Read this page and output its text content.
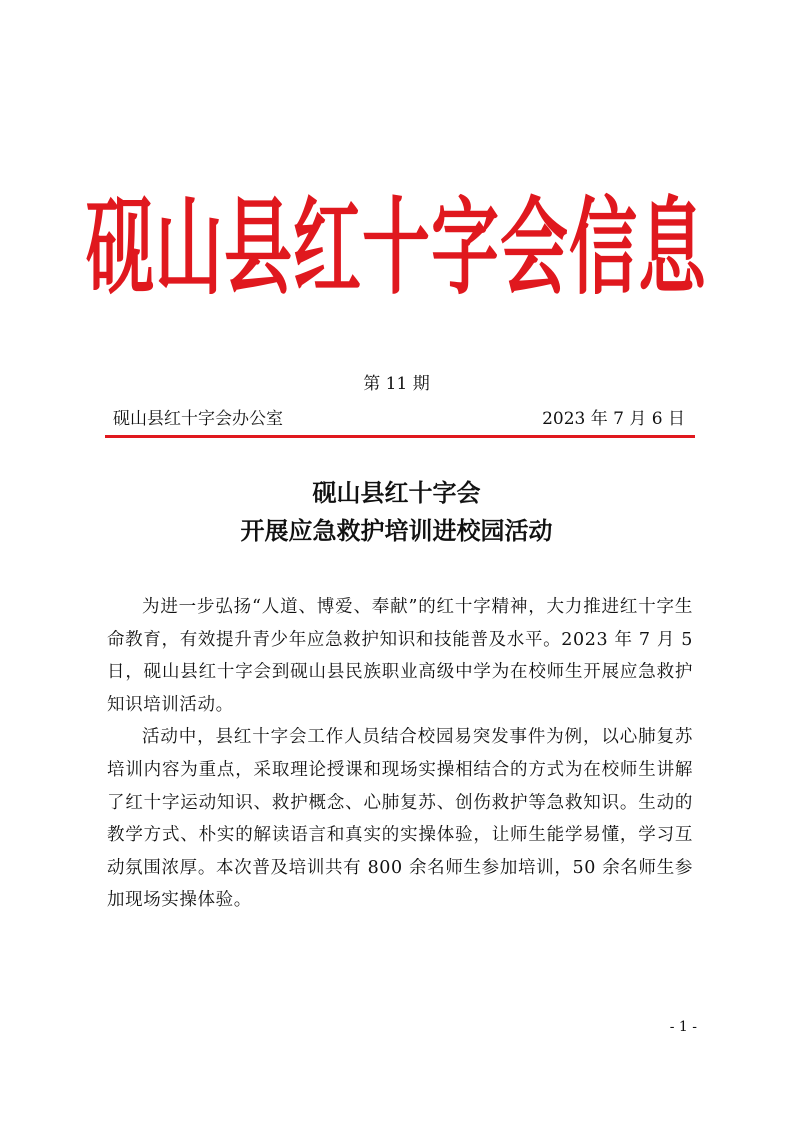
砚山县红十字会信息
第 11 期
砚山县红十字会办公室	2023 年 7 月 6 日
砚山县红十字会
开展应急救护培训进校园活动

为进一步弘扬“人道、博爱、奉献”的红十字精神，大力推进红十字生命教育，有效提升青少年应急救护知识和技能普及水平。2023 年 7 月 5 日，砚山县红十字会到砚山县民族职业高级中学为在校师生开展应急救护知识培训活动。

活动中，县红十字会工作人员结合校园易突发事件为例，以心肺复苏培训内容为重点，采取理论授课和现场实操相结合的方式为在校师生讲解了红十字运动知识、救护概念、心肺复苏、创伤救护等急救知识。生动的教学方式、朴实的解读语言和真实的实操体验，让师生能学易懂，学习互动氛围浓厚。本次普及培训共有 800 余名师生参加培训，50 余名师生参加现场实操体验。

- 1 -
